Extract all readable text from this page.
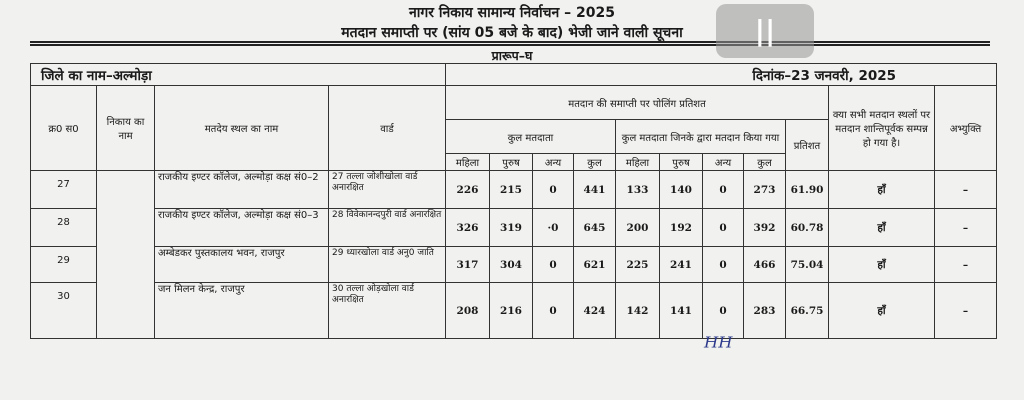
नागर निकाय सामान्य निर्वाचन – 2025
मतदान समाप्ती पर (सांय 05 बजे के बाद) भेजी जाने वाली सूचना
प्रारूप–घ
||
जिले का नाम–अल्मोड़ा				दिनांक–23 जनवरी, 2025										
क्र0 स0	निकाय का नाम	मतदेय स्थल का नाम	वार्ड	मतदान की समाप्ती पर पोलिंग प्रतिशत									क्या सभी मतदान स्थलों पर मतदान शान्तिपूर्वक सम्पन्न हो गया है।	अभ्युक्ति
				कुल मतदाता				कुल मतदाता जिनके द्वारा मतदान किया गया				प्रतिशत		
				महिला	पुरुष	अन्य	कुल	महिला	पुरुष	अन्य	कुल			
27		राजकीय इण्टर कॉलेज, अल्मोड़ा कक्ष सं0–2	27 तल्ला जोशीखोला वार्ड अनारक्षित	226	215	0	441	133	140	0	273	61.90	हाँ	–
28		राजकीय इण्टर कॉलेज, अल्मोड़ा कक्ष सं0–3	28 विवेकानन्दपुरी वार्ड अनारक्षित	326	319	·0	645	200	192	0	392	60.78	हाँ	–
29		अम्बेडकर पुस्तकालय भवन, राजपुर	29 ध्यारखोला वार्ड अनु0 जाति	317	304	0	621	225	241	0	466	75.04	हाँ	–
30		जन मिलन केन्द्र, राजपुर	30 तल्ला ओड़खोला वार्ड अनारक्षित	208	216	0	424	142	141	0	283	66.75	हाँ	–
ᴴᴴ
